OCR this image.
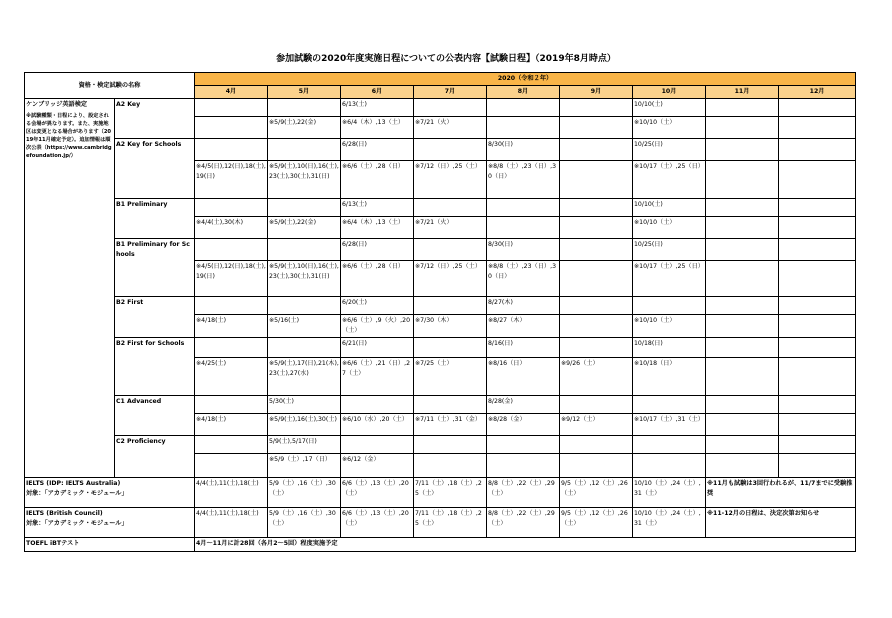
参加試験の2020年度実施日程についての公表内容【試験日程】（2019年8月時点）
資格・検定試験の名称		2020（令和２年）								
		4月	5月	6月	7月	8月	9月	10月	11月	12月

ケンブリッジ英語検定
※試験種類・日程により、設定される会場が異なります。また、実施地区は変更となる場合があります（2019年11月確定予定）。追加情報は順次公表（https://www.cambridgefoundation.jp/）	A2 Key			6/13(土)				10/10(土)		
			※5/9(土),22(金)	※6/4（木）,13（土）	※7/21（火）			※10/10（土）		
	A2 Key for Schools			6/28(日)		8/30(日)		10/25(日)		
		※4/5(日),12(日),18(土),19(日)	※5/9(土),10(日),16(土),23(土),30(土),31(日)	※6/6（土）,28（日）	※7/12（日）,25（土）	※8/8（土）,23（日）,30（日）		※10/17（土）,25（日）		
	B1 Preliminary			6/13(土)				10/10(土)		
		※4/4(土),30(木)	※5/9(土),22(金)	※6/4（木）,13（土）	※7/21（火）			※10/10（土）		
	B1 Preliminary for Schools			6/28(日)		8/30(日)		10/25(日)		
		※4/5(日),12(日),18(土),19(日)	※5/9(土),10(日),16(土),23(土),30(土),31(日)	※6/6（土）,28（日）	※7/12（日）,25（土）	※8/8（土）,23（日）,30（日）		※10/17（土）,25（日）		
	B2 First			6/20(土)		8/27(木)				
		※4/18(土)	※5/16(土)	※6/6（土）,9（火）,20（土）	※7/30（木）	※8/27（木）		※10/10（土）		
	B2 First for Schools			6/21(日)		8/16(日)		10/18(日)		
		※4/25(土)	※5/9(土),17(日),21(木),23(土),27(水)	※6/6（土）,21（日）,27（土）	※7/25（土）	※8/16（日）	※9/26（土）	※10/18（日）		
	C1 Advanced		5/30(土)			8/28(金)				
		※4/18(土)	※5/9(土),16(土),30(土)	※6/10（水）,20（土）	※7/11（土）,31（金）	※8/28（金）	※9/12（土）	※10/17（土）,31（土）		
	C2 Proficiency		5/9(土),5/17(日)							
			※5/9（土）,17（日）	※6/12（金）						

IELTS (IDP: IELTS Australia)
対象：「アカデミック・モジュール」		4/4(土),11(土),18(土)	5/9（土）,16（土）,30（土）	6/6（土）,13（土）,20（土）	7/11（土）,18（土）,25（土）	8/8（土）,22（土）,29（土）	9/5（土）,12（土）,26（土）	10/10（土）,24（土）,31（土）	※11月も試験は3回行われるが、11/7までに受験推奨	

IELTS (British Council)
対象：「アカデミック・モジュール」		4/4(土),11(土),18(土)	5/9（土）,16（土）,30（土）	6/6（土）,13（土）,20（土）	7/11（土）,18（土）,25（土）	8/8（土）,22（土）,29（土）	9/5（土）,12（土）,26（土）	10/10（土）,24（土）,31（土）	※11-12月の日程は、決定次第お知らせ	
TOEFL iBTテスト		4月～11月に計28回（各月2～5回）程度実施予定								
